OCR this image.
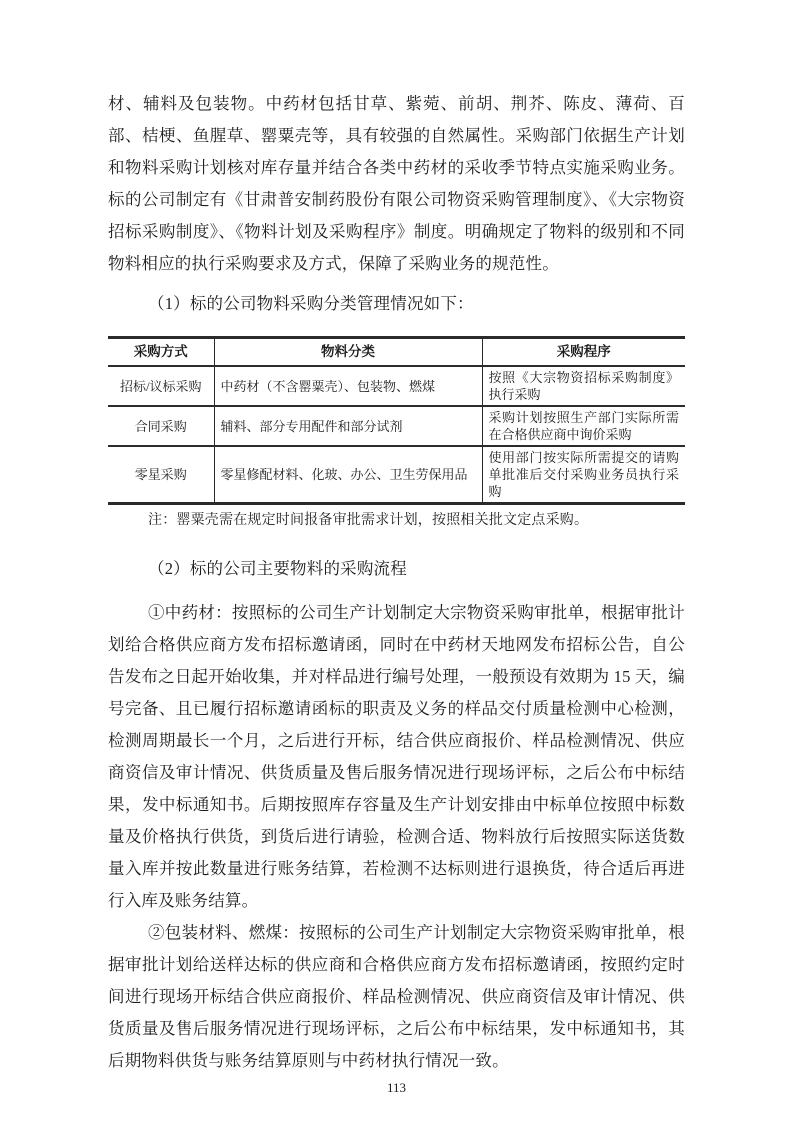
材、辅料及包装物。中药材包括甘草、紫菀、前胡、荆芥、陈皮、薄荷、百部、桔梗、鱼腥草、罂粟壳等，具有较强的自然属性。采购部门依据生产计划和物料采购计划核对库存量并结合各类中药材的采收季节特点实施采购业务。标的公司制定有《甘肃普安制药股份有限公司物资采购管理制度》、《大宗物资招标采购制度》、《物料计划及采购程序》制度。明确规定了物料的级别和不同物料相应的执行采购要求及方式，保障了采购业务的规范性。

（1）标的公司物料采购分类管理情况如下：

采购方式	物料分类	采购程序
招标/议标采购	中药材（不含罂粟壳）、包装物、燃煤	按照《大宗物资招标采购制度》执行采购
合同采购	辅料、部分专用配件和部分试剂	采购计划按照生产部门实际所需在合格供应商中询价采购
零星采购	零星修配材料、化玻、办公、卫生劳保用品	使用部门按实际所需提交的请购单批准后交付采购业务员执行采购

注：罂粟壳需在规定时间报备审批需求计划，按照相关批文定点采购。

（2）标的公司主要物料的采购流程

①中药材：按照标的公司生产计划制定大宗物资采购审批单，根据审批计划给合格供应商方发布招标邀请函，同时在中药材天地网发布招标公告，自公告发布之日起开始收集，并对样品进行编号处理，一般预设有效期为 15 天，编号完备、且已履行招标邀请函标的职责及义务的样品交付质量检测中心检测，检测周期最长一个月，之后进行开标，结合供应商报价、样品检测情况、供应商资信及审计情况、供货质量及售后服务情况进行现场评标，之后公布中标结果，发中标通知书。后期按照库存容量及生产计划安排由中标单位按照中标数量及价格执行供货，到货后进行请验，检测合适、物料放行后按照实际送货数量入库并按此数量进行账务结算，若检测不达标则进行退换货，待合适后再进行入库及账务结算。

②包装材料、燃煤：按照标的公司生产计划制定大宗物资采购审批单，根据审批计划给送样达标的供应商和合格供应商方发布招标邀请函，按照约定时间进行现场开标结合供应商报价、样品检测情况、供应商资信及审计情况、供货质量及售后服务情况进行现场评标，之后公布中标结果，发中标通知书，其后期物料供货与账务结算原则与中药材执行情况一致。

113
